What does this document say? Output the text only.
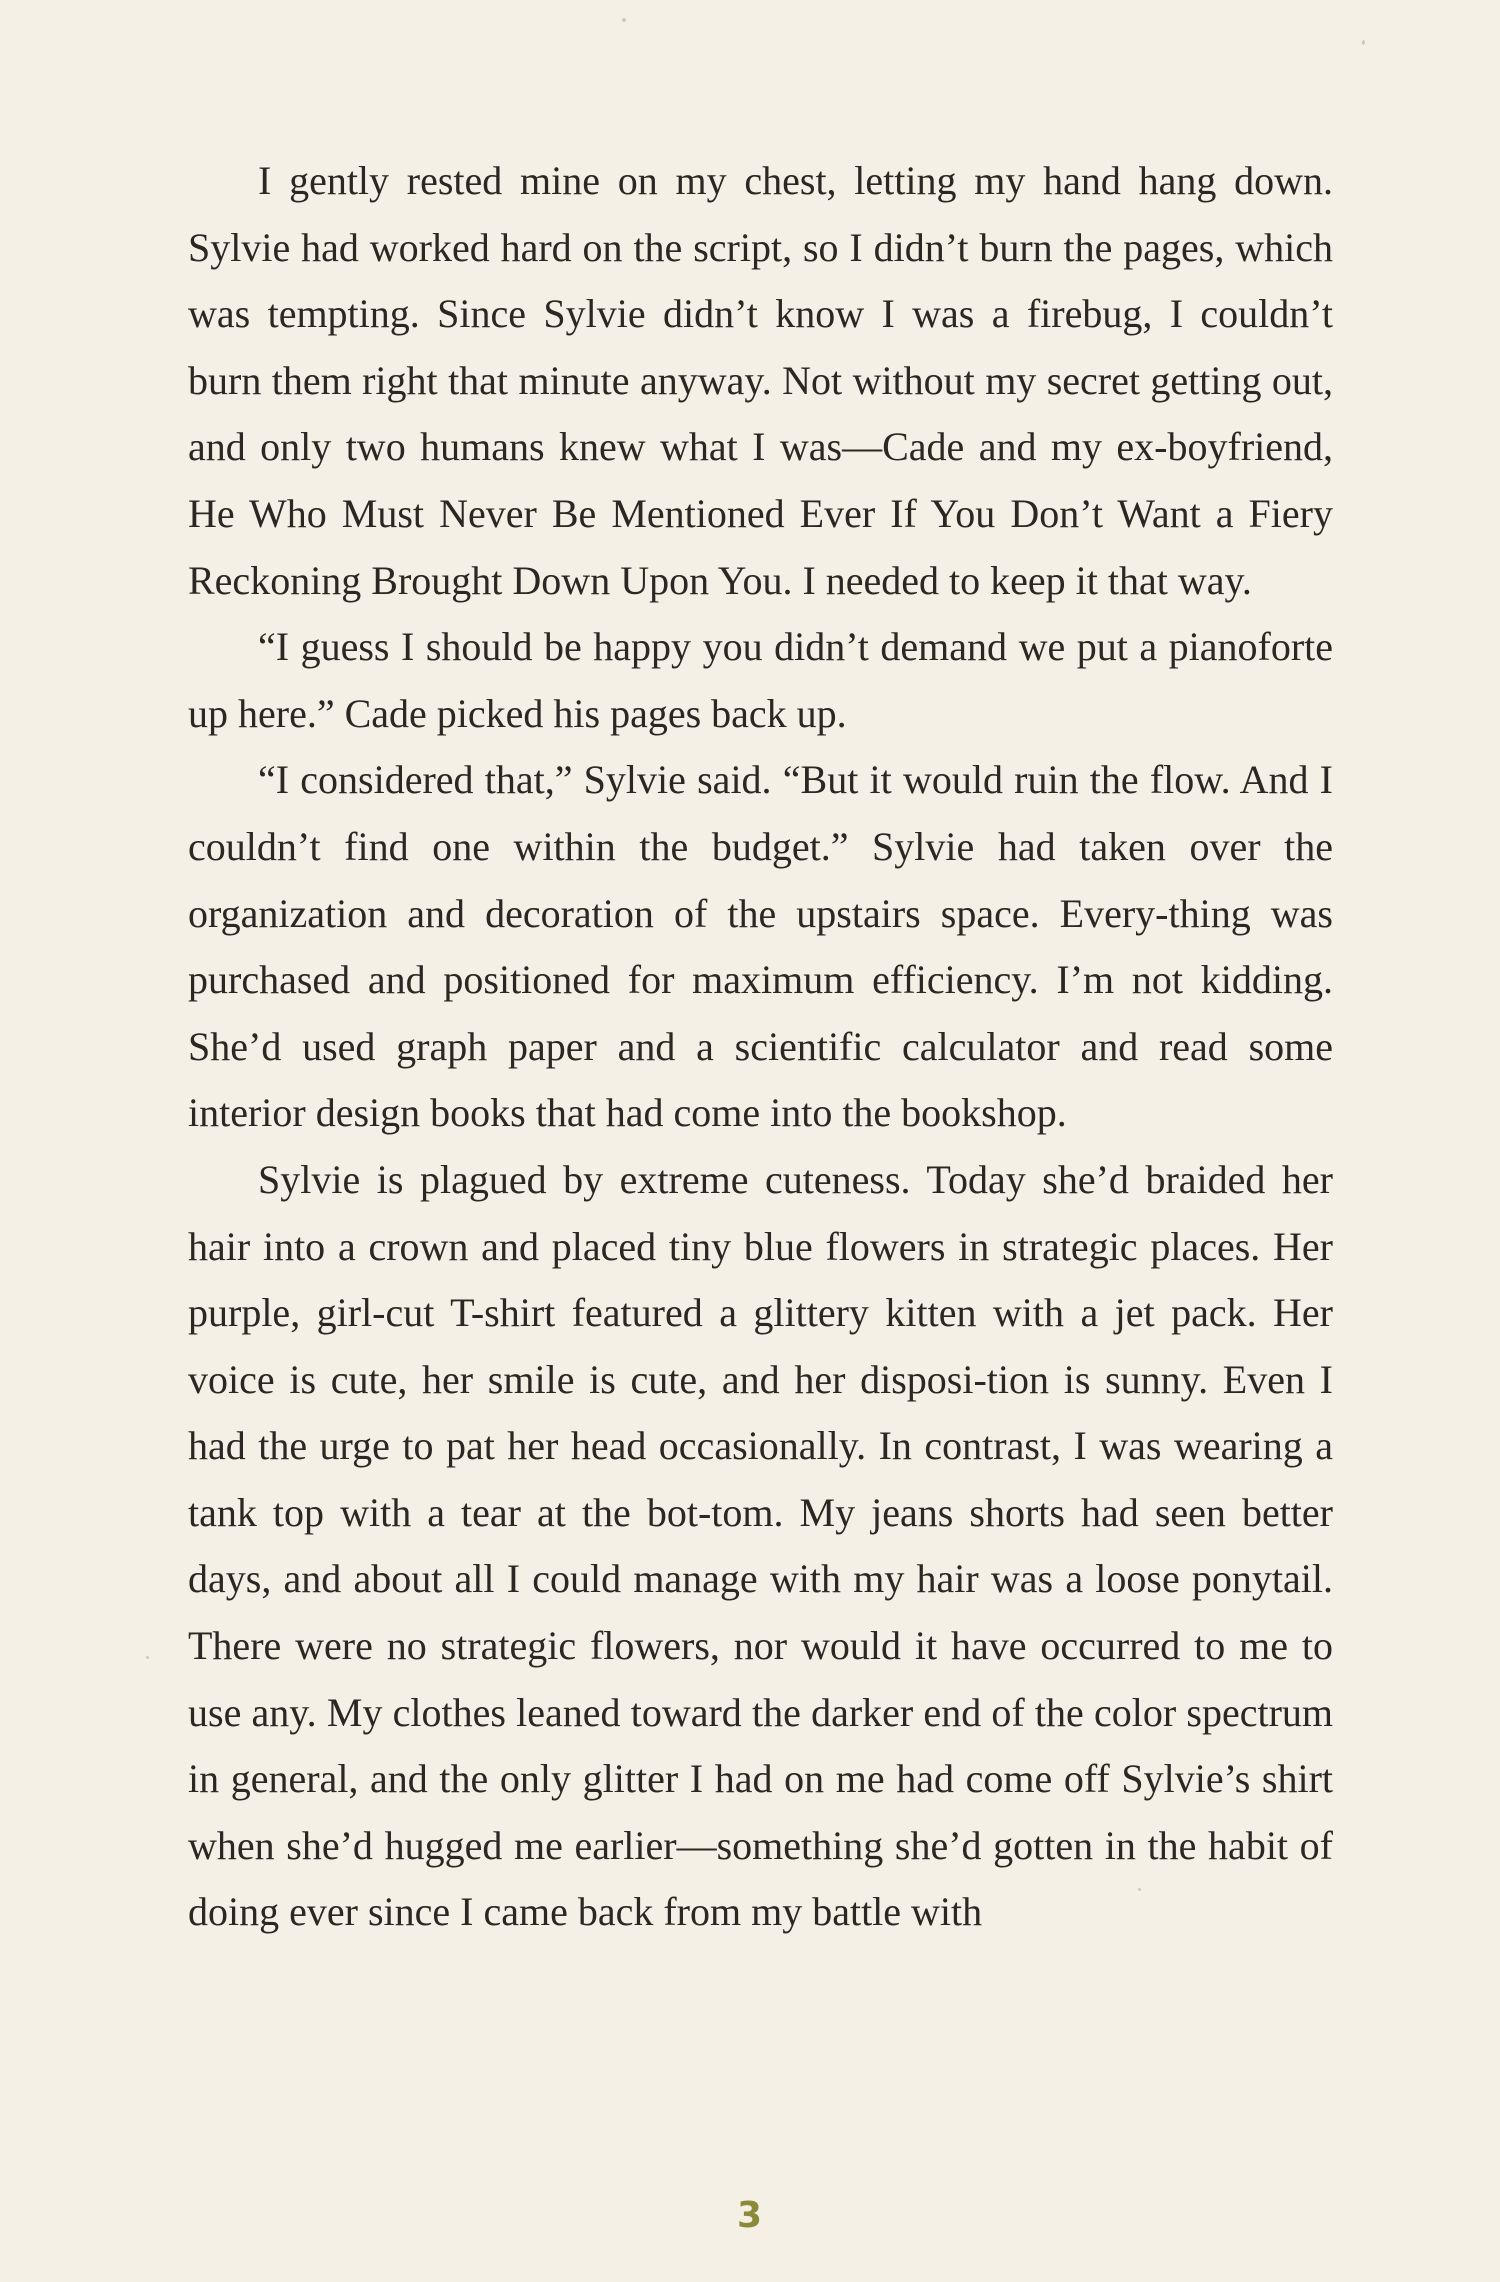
I gently rested mine on my chest, letting my hand hang down. Sylvie had worked hard on the script, so I didn’t burn the pages, which was tempting. Since Sylvie didn’t know I was a firebug, I couldn’t burn them right that minute anyway. Not without my secret getting out, and only two humans knew what I was—Cade and my ex-boyfriend, He Who Must Never Be Mentioned Ever If You Don’t Want a Fiery Reckoning Brought Down Upon You. I needed to keep it that way.

“I guess I should be happy you didn’t demand we put a pianoforte up here.” Cade picked his pages back up.

“I considered that,” Sylvie said. “But it would ruin the flow. And I couldn’t find one within the budget.” Sylvie had taken over the organization and decoration of the upstairs space. Every-thing was purchased and positioned for maximum efficiency. I’m not kidding. She’d used graph paper and a scientific calculator and read some interior design books that had come into the bookshop.

Sylvie is plagued by extreme cuteness. Today she’d braided her hair into a crown and placed tiny blue flowers in strategic places. Her purple, girl-cut T-shirt featured a glittery kitten with a jet pack. Her voice is cute, her smile is cute, and her disposi-tion is sunny. Even I had the urge to pat her head occasionally. In contrast, I was wearing a tank top with a tear at the bot-tom. My jeans shorts had seen better days, and about all I could manage with my hair was a loose ponytail. There were no strategic flowers, nor would it have occurred to me to use any. My clothes leaned toward the darker end of the color spectrum in general, and the only glitter I had on me had come off Sylvie’s shirt when she’d hugged me earlier—something she’d gotten in the habit of doing ever since I came back from my battle with

3
